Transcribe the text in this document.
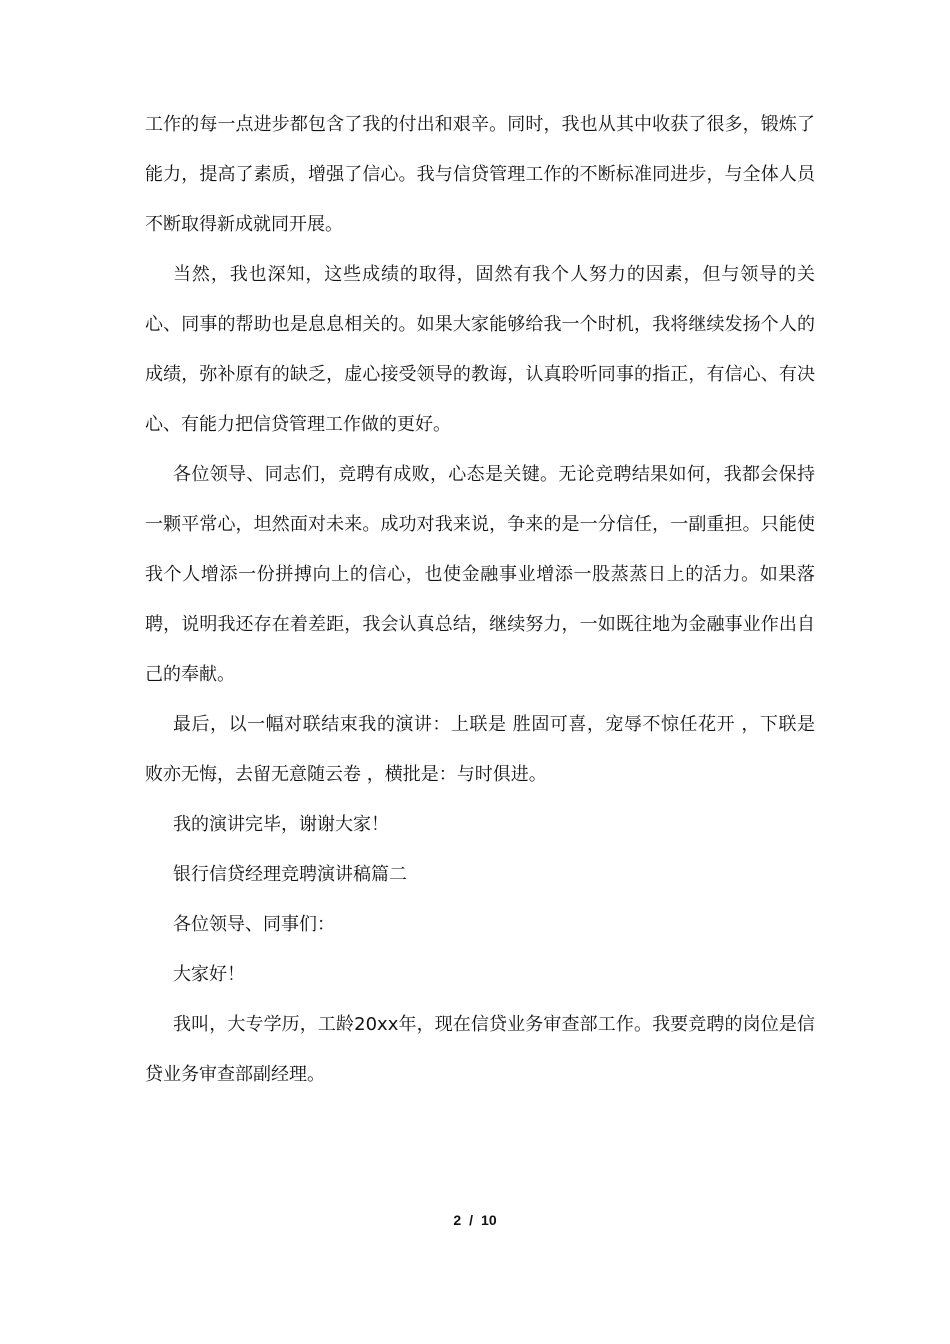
工作的每一点进步都包含了我的付出和艰辛。同时，我也从其中收获了很多，锻炼了能力，提高了素质，增强了信心。我与信贷管理工作的不断标准同进步，与全体人员不断取得新成就同开展。

当然，我也深知，这些成绩的取得，固然有我个人努力的因素，但与领导的关心、同事的帮助也是息息相关的。如果大家能够给我一个时机，我将继续发扬个人的成绩，弥补原有的缺乏，虚心接受领导的教诲，认真聆听同事的指正，有信心、有决心、有能力把信贷管理工作做的更好。

各位领导、同志们，竞聘有成败，心态是关键。无论竞聘结果如何，我都会保持一颗平常心，坦然面对未来。成功对我来说，争来的是一分信任，一副重担。只能使我个人增添一份拼搏向上的信心，也使金融事业增添一股蒸蒸日上的活力。如果落聘，说明我还存在着差距，我会认真总结，继续努力，一如既往地为金融事业作出自己的奉献。

最后，以一幅对联结束我的演讲：上联是 胜固可喜，宠辱不惊任花开 ，下联是 败亦无悔，去留无意随云卷 ，横批是：与时俱进。

我的演讲完毕，谢谢大家！

银行信贷经理竞聘演讲稿篇二

各位领导、同事们：

大家好！

我叫，大专学历，工龄20xx年，现在信贷业务审查部工作。我要竞聘的岗位是信贷业务审查部副经理。

2 / 10
